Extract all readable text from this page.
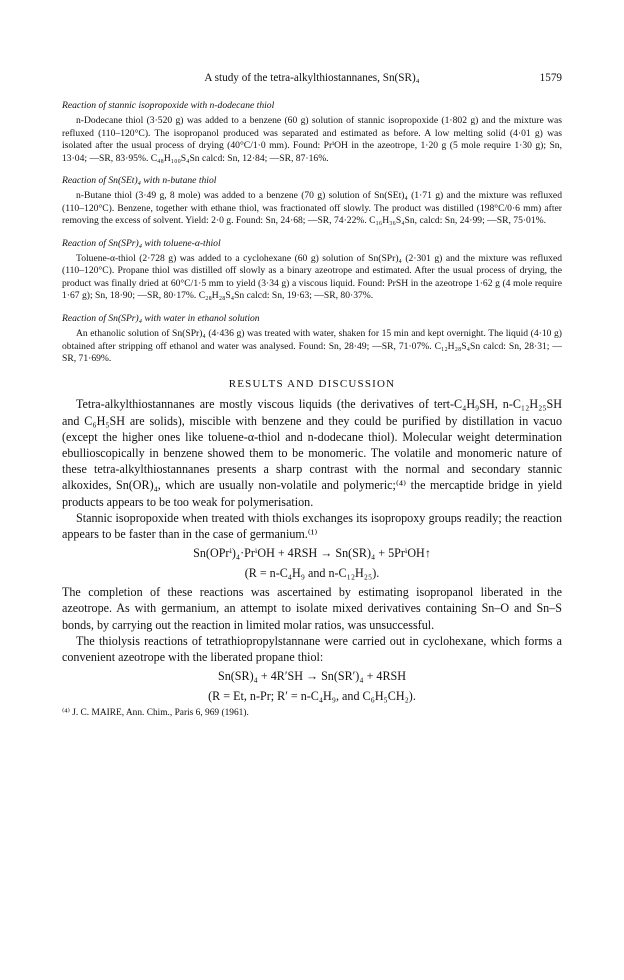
A study of the tetra-alkylthiostannanes, Sn(SR)₄	1579
Reaction of stannic isopropoxide with n-dodecane thiol
n-Dodecane thiol (3·520 g) was added to a benzene (60 g) solution of stannic isopropoxide (1·802 g) and the mixture was refluxed (110–120°C). The isopropanol produced was separated and estimated as before. A low melting solid (4·01 g) was isolated after the usual process of drying (40°C/1·0 mm). Found: PrⁱOH in the azeotrope, 1·20 g (5 mole require 1·30 g); Sn, 13·04; —SR, 83·95%. C₄₈H₁₀₀S₄Sn calcd: Sn, 12·84; —SR, 87·16%.
Reaction of Sn(SEt)₄ with n-butane thiol
n-Butane thiol (3·49 g, 8 mole) was added to a benzene (70 g) solution of Sn(SEt)₄ (1·71 g) and the mixture was refluxed (110–120°C). Benzene, together with ethane thiol, was fractionated off slowly. The product was distilled (198°C/0·6 mm) after removing the excess of solvent. Yield: 2·0 g. Found: Sn, 24·68; —SR, 74·22%. C₁₆H₃₆S₄Sn, calcd: Sn, 24·99; —SR, 75·01%.
Reaction of Sn(SPr)₄ with toluene-α-thiol
Toluene-α-thiol (2·728 g) was added to a cyclohexane (60 g) solution of Sn(SPr)₄ (2·301 g) and the mixture was refluxed (110–120°C). Propane thiol was distilled off slowly as a binary azeotrope and estimated. After the usual process of drying, the product was finally dried at 60°C/1·5 mm to yield (3·34 g) a viscous liquid. Found: PrSH in the azeotrope 1·62 g (4 mole require 1·67 g); Sn, 18·90; —SR, 80·17%. C₂₈H₂₈S₄Sn calcd: Sn, 19·63; —SR, 80·37%.
Reaction of Sn(SPr)₄ with water in ethanol solution
An ethanolic solution of Sn(SPr)₄ (4·436 g) was treated with water, shaken for 15 min and kept overnight. The liquid (4·10 g) obtained after stripping off ethanol and water was analysed. Found: Sn, 28·49; —SR, 71·07%. C₁₂H₂₈S₄Sn calcd: Sn, 28·31; —SR, 71·69%.
RESULTS AND DISCUSSION

Tetra-alkylthiostannanes are mostly viscous liquids (the derivatives of tert-C₄H₉SH, n-C₁₂H₂₅SH and C₆H₅SH are solids), miscible with benzene and they could be purified by distillation in vacuo (except the higher ones like toluene-α-thiol and n-dodecane thiol). Molecular weight determination ebullioscopically in benzene showed them to be monomeric. The volatile and monomeric nature of these tetra-alkylthiostannanes presents a sharp contrast with the normal and secondary stannic alkoxides, Sn(OR)₄, which are usually non-volatile and polymeric;⁽⁴⁾ the mercaptide bridge in yield products appears to be too weak for polymerisation.

Stannic isopropoxide when treated with thiols exchanges its isopropoxy groups readily; the reaction appears to be faster than in the case of germanium.⁽¹⁾

Sn(OPrⁱ)₄·PrⁱOH + 4RSH → Sn(SR)₄ + 5PrⁱOH↑
(R = n-C₄H₉ and n-C₁₂H₂₅).

The completion of these reactions was ascertained by estimating isopropanol liberated in the azeotrope. As with germanium, an attempt to isolate mixed derivatives containing Sn–O and Sn–S bonds, by carrying out the reaction in limited molar ratios, was unsuccessful.

The thiolysis reactions of tetrathiopropylstannane were carried out in cyclohexane, which forms a convenient azeotrope with the liberated propane thiol:

Sn(SR)₄ + 4R′SH → Sn(SR′)₄ + 4RSH
(R = Et, n-Pr; R′ = n-C₄H₉, and C₆H₅CH₂).
⁽⁴⁾ J. C. MAIRE, Ann. Chim., Paris 6, 969 (1961).
